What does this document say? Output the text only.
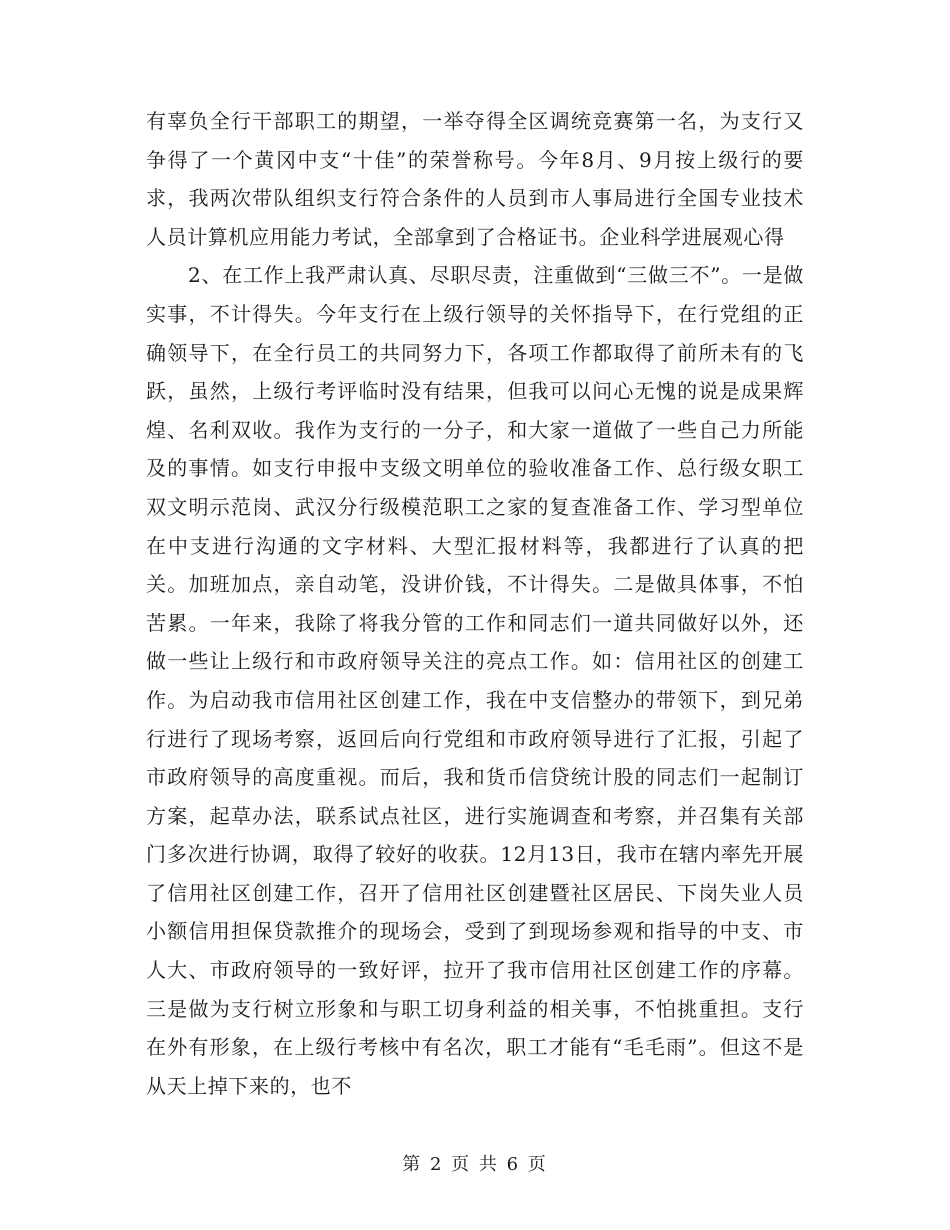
有辜负全行干部职工的期望，一举夺得全区调统竞赛第一名，为支行又争得了一个黄冈中支“十佳”的荣誉称号。今年8月、9月按上级行的要求，我两次带队组织支行符合条件的人员到市人事局进行全国专业技术人员计算机应用能力考试，全部拿到了合格证书。企业科学进展观心得

2、在工作上我严肃认真、尽职尽责，注重做到“三做三不”。一是做实事，不计得失。今年支行在上级行领导的关怀指导下，在行党组的正确领导下，在全行员工的共同努力下，各项工作都取得了前所未有的飞跃，虽然，上级行考评临时没有结果，但我可以问心无愧的说是成果辉煌、名利双收。我作为支行的一分子，和大家一道做了一些自己力所能及的事情。如支行申报中支级文明单位的验收准备工作、总行级女职工双文明示范岗、武汉分行级模范职工之家的复查准备工作、学习型单位在中支进行沟通的文字材料、大型汇报材料等，我都进行了认真的把关。加班加点，亲自动笔，没讲价钱，不计得失。二是做具体事，不怕苦累。一年来，我除了将我分管的工作和同志们一道共同做好以外，还做一些让上级行和市政府领导关注的亮点工作。如：信用社区的创建工作。为启动我市信用社区创建工作，我在中支信整办的带领下，到兄弟行进行了现场考察，返回后向行党组和市政府领导进行了汇报，引起了市政府领导的高度重视。而后，我和货币信贷统计股的同志们一起制订方案，起草办法，联系试点社区，进行实施调查和考察，并召集有关部门多次进行协调，取得了较好的收获。12月13日，我市在辖内率先开展了信用社区创建工作，召开了信用社区创建暨社区居民、下岗失业人员小额信用担保贷款推介的现场会，受到了到现场参观和指导的中支、市人大、市政府领导的一致好评，拉开了我市信用社区创建工作的序幕。三是做为支行树立形象和与职工切身利益的相关事，不怕挑重担。支行在外有形象，在上级行考核中有名次，职工才能有“毛毛雨”。但这不是从天上掉下来的，也不

第 2 页 共 6 页
